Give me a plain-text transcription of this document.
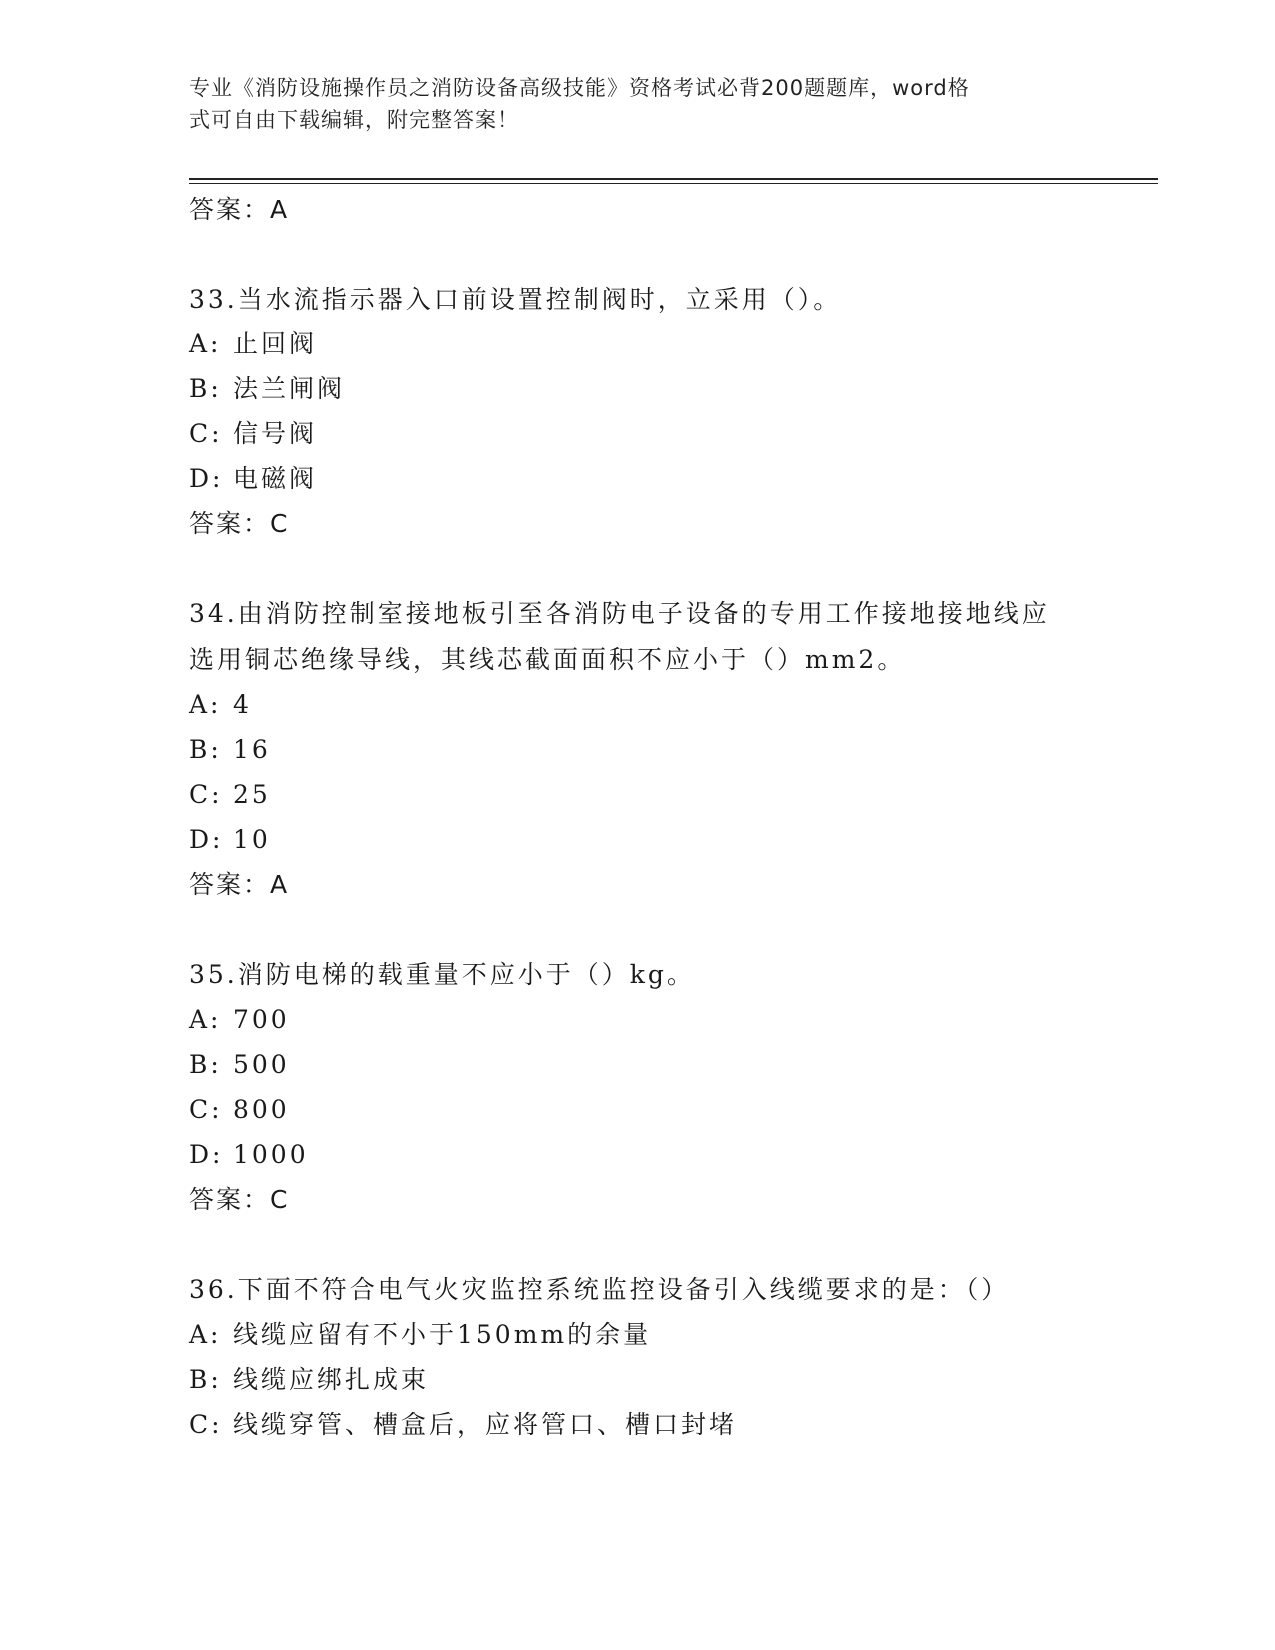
专业《消防设施操作员之消防设备高级技能》资格考试必背200题题库，word格
式可自由下载编辑，附完整答案！
答案：A
33.当水流指示器入口前设置控制阀时，立采用（）。
A: 止回阀
B: 法兰闸阀
C: 信号阀
D: 电磁阀
答案：C
34.由消防控制室接地板引至各消防电子设备的专用工作接地接地线应
选用铜芯绝缘导线，其线芯截面面积不应小于（）mm2。
A: 4
B: 16
C: 25
D: 10
答案：A
35.消防电梯的载重量不应小于（）kg。
A: 700
B: 500
C: 800
D: 1000
答案：C
36.下面不符合电气火灾监控系统监控设备引入线缆要求的是：（）
A: 线缆应留有不小于150mm的余量
B: 线缆应绑扎成束
C: 线缆穿管、槽盒后，应将管口、槽口封堵
